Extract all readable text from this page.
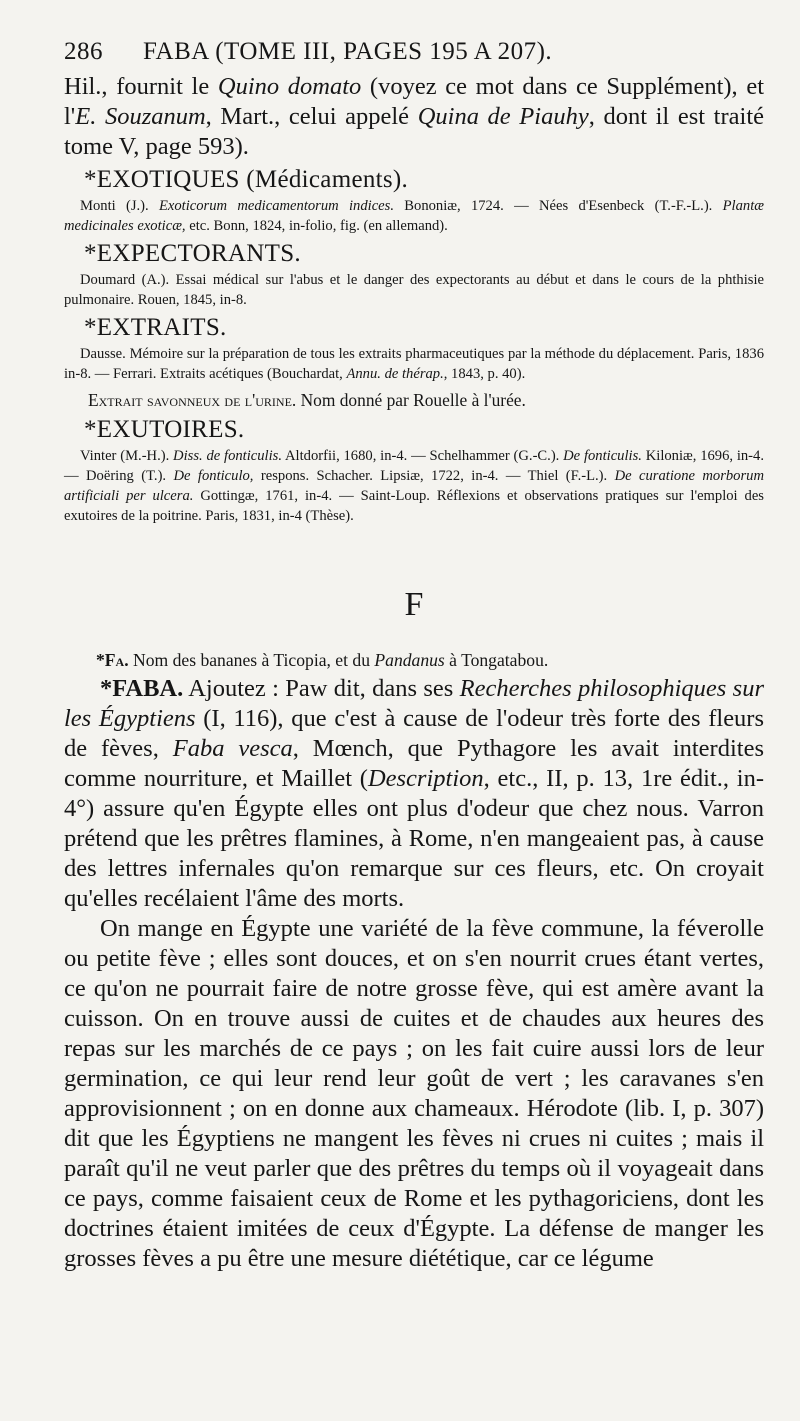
286 FABA (TOME III, PAGES 195 A 207).

Hil., fournit le Quino domato (voyez ce mot dans ce Supplément), et l'E. Souzanum, Mart., celui appelé Quina de Piauhy, dont il est traité tome V, page 593).

*EXOTIQUES (Médicaments).

Monti (J.). Exoticorum medicamentorum indices. Bononiæ, 1724. — Nées d'Esenbeck (T.-F.-L.). Plantæ medicinales exoticæ, etc. Bonn, 1824, in-folio, fig. (en allemand).

*EXPECTORANTS.

Doumard (A.). Essai médical sur l'abus et le danger des expectorants au début et dans le cours de la phthisie pulmonaire. Rouen, 1845, in-8.

*EXTRAITS.

Dausse. Mémoire sur la préparation de tous les extraits pharmaceutiques par la méthode du déplacement. Paris, 1836 in-8. — Ferrari. Extraits acétiques (Bouchardat, Annu. de thérap., 1843, p. 40).

Extrait savonneux de l'urine. Nom donné par Rouelle à l'urée.

*EXUTOIRES.

Vinter (M.-H.). Diss. de fonticulis. Altdorfii, 1680, in-4. — Schelhammer (G.-C.). De fonticulis. Kiloniæ, 1696, in-4. — Doëring (T.). De fonticulo, respons. Schacher. Lipsiæ, 1722, in-4. — Thiel (F.-L.). De curatione morborum artificiali per ulcera. Gottingæ, 1761, in-4. — Saint-Loup. Réflexions et observations pratiques sur l'emploi des exutoires de la poitrine. Paris, 1831, in-4 (Thèse).

F

*Fa. Nom des bananes à Ticopia, et du Pandanus à Tongatabou.

*FABA. Ajoutez : Paw dit, dans ses Recherches philosophiques sur les Égyptiens (I, 116), que c'est à cause de l'odeur très forte des fleurs de fèves, Faba vesca, Mœnch, que Pythagore les avait interdites comme nourriture, et Maillet (Description, etc., II, p. 13, 1re édit., in-4°) assure qu'en Égypte elles ont plus d'odeur que chez nous. Varron prétend que les prêtres flamines, à Rome, n'en mangeaient pas, à cause des lettres infernales qu'on remarque sur ces fleurs, etc. On croyait qu'elles recélaient l'âme des morts.

On mange en Égypte une variété de la fève commune, la féverolle ou petite fève ; elles sont douces, et on s'en nourrit crues étant vertes, ce qu'on ne pourrait faire de notre grosse fève, qui est amère avant la cuisson. On en trouve aussi de cuites et de chaudes aux heures des repas sur les marchés de ce pays ; on les fait cuire aussi lors de leur germination, ce qui leur rend leur goût de vert ; les caravanes s'en approvisionnent ; on en donne aux chameaux. Hérodote (lib. I, p. 307) dit que les Égyptiens ne mangent les fèves ni crues ni cuites ; mais il paraît qu'il ne veut parler que des prêtres du temps où il voyageait dans ce pays, comme faisaient ceux de Rome et les pythagoriciens, dont les doctrines étaient imitées de ceux d'Égypte. La défense de manger les grosses fèves a pu être une mesure diététique, car ce légume
